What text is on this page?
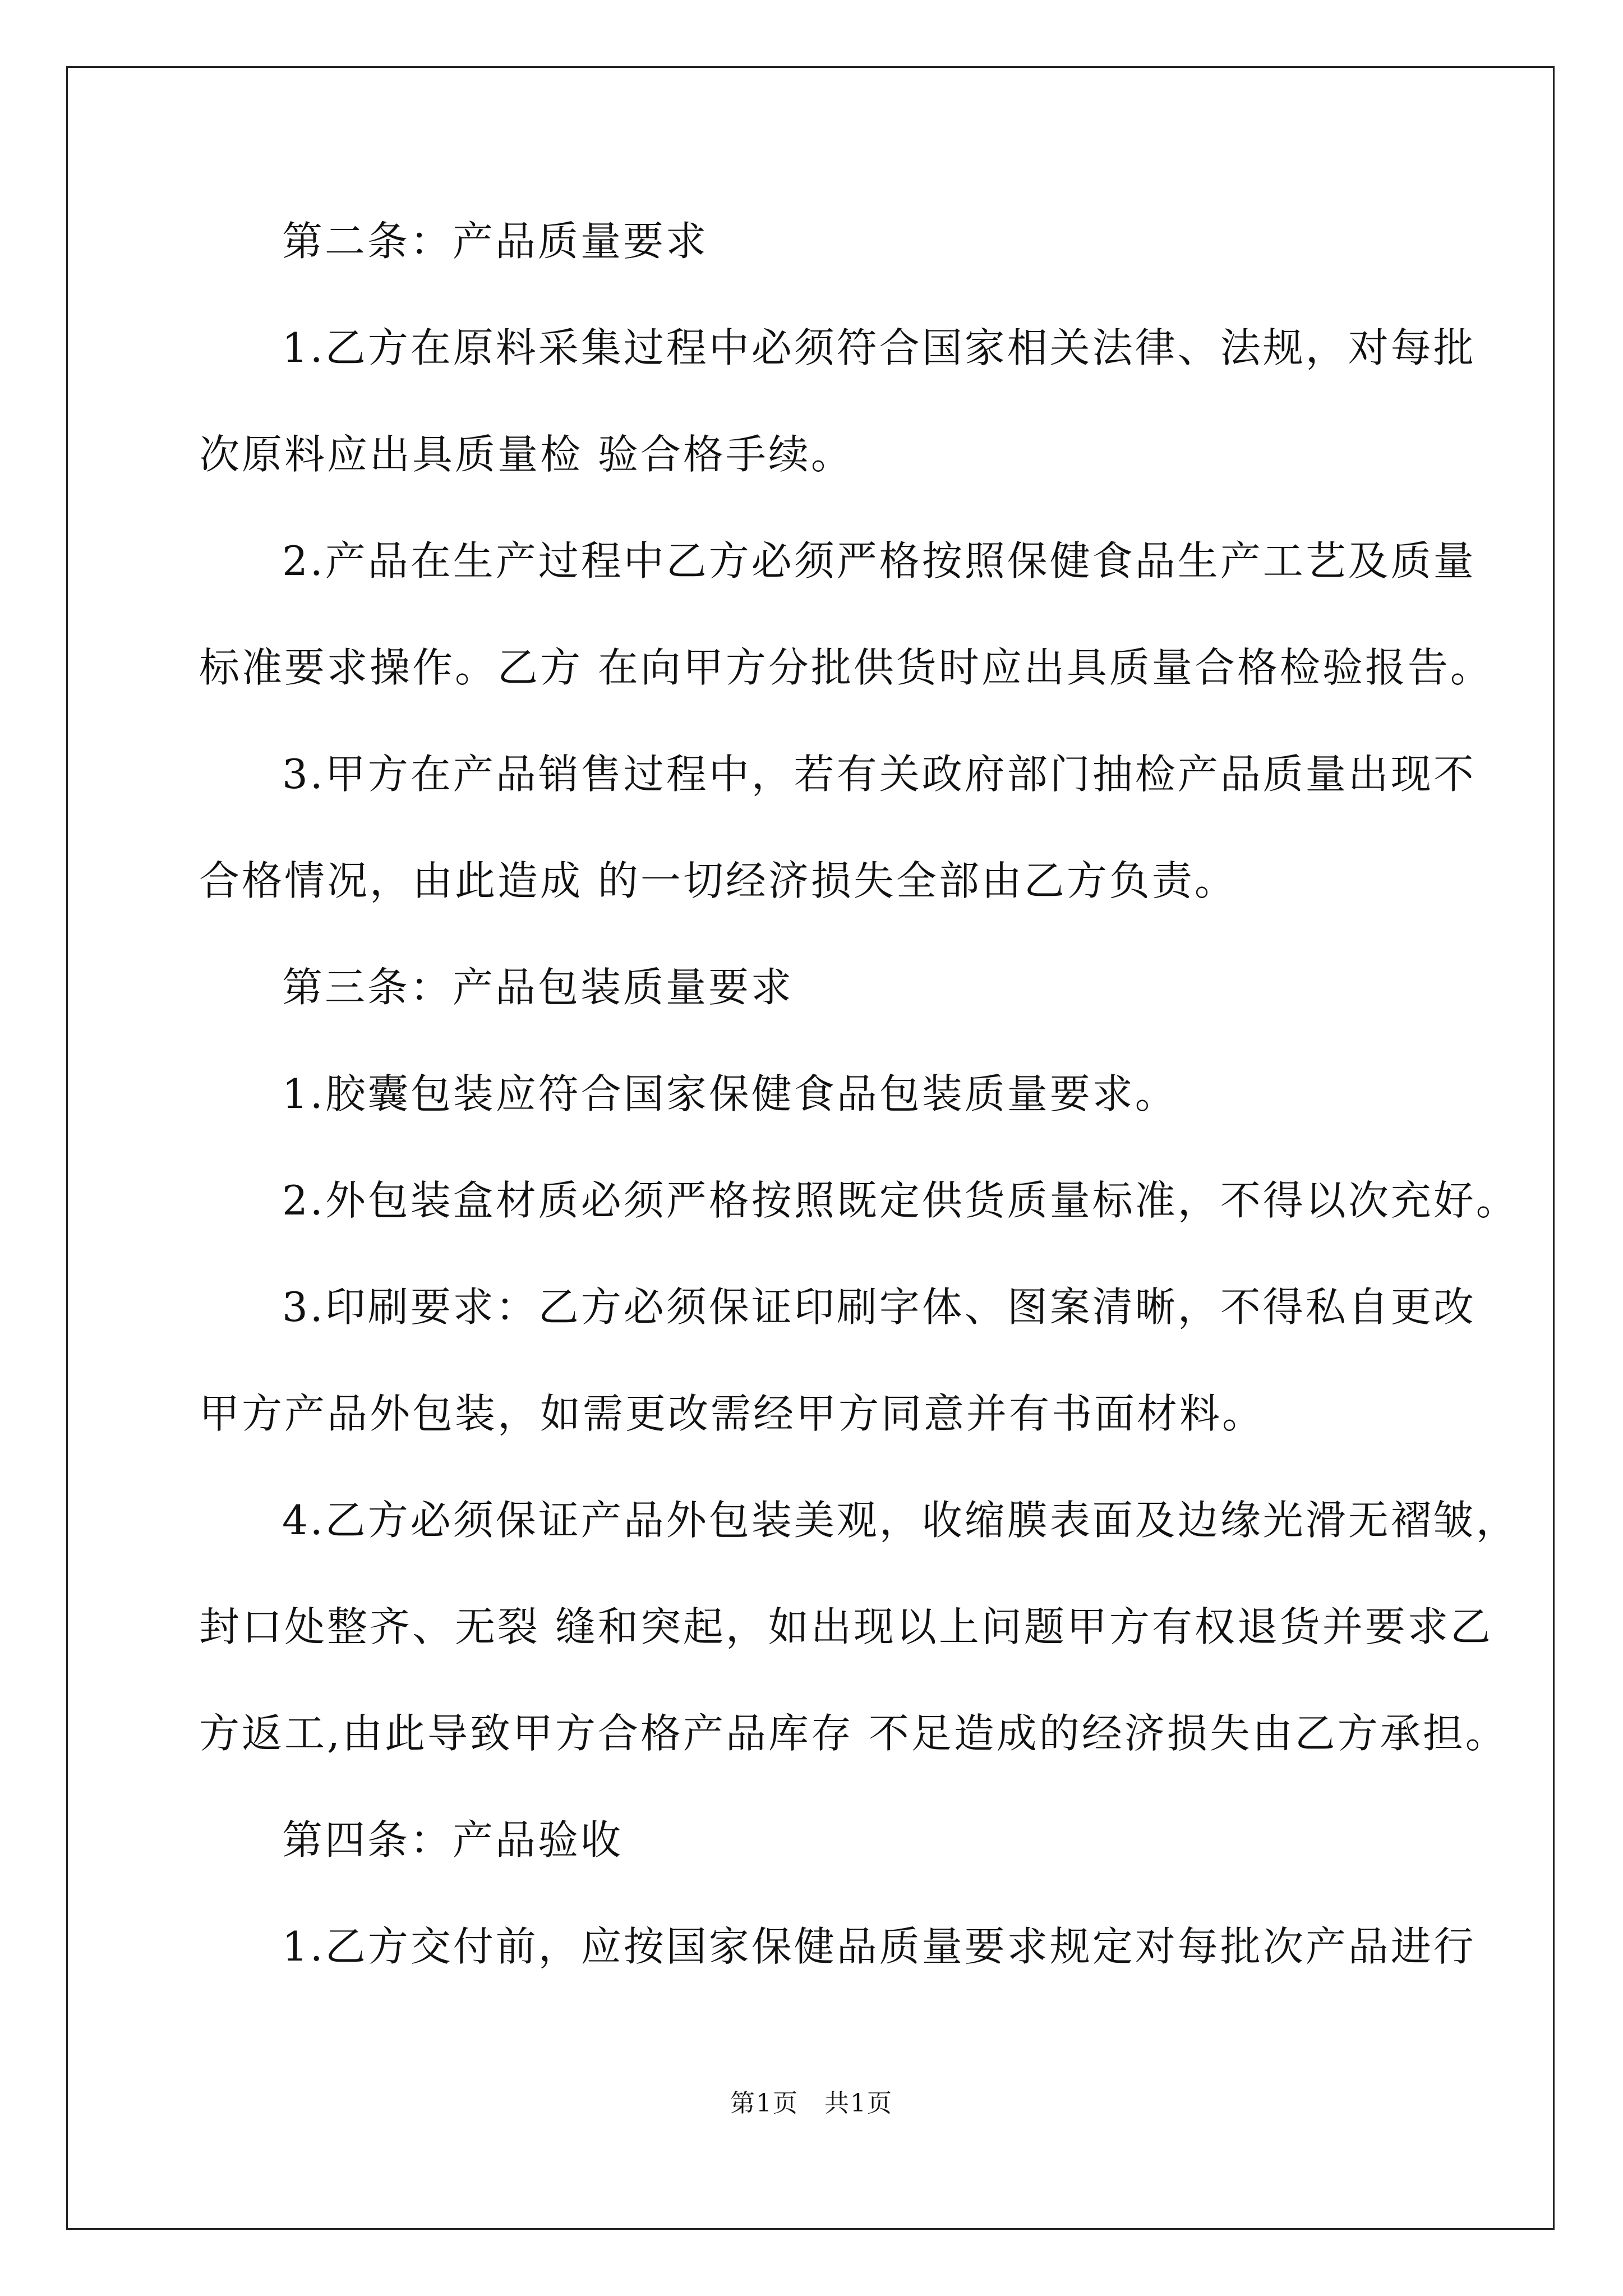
第二条：产品质量要求
1.乙方在原料采集过程中必须符合国家相关法律、法规，对每批
次原料应出具质量检 验合格手续。
2.产品在生产过程中乙方必须严格按照保健食品生产工艺及质量
标准要求操作。乙方 在向甲方分批供货时应出具质量合格检验报告。
3.甲方在产品销售过程中，若有关政府部门抽检产品质量出现不
合格情况，由此造成 的一切经济损失全部由乙方负责。
第三条：产品包装质量要求
1.胶囊包装应符合国家保健食品包装质量要求。
2.外包装盒材质必须严格按照既定供货质量标准，不得以次充好。
3.印刷要求：乙方必须保证印刷字体、图案清晰，不得私自更改
甲方产品外包装，如需更改需经甲方同意并有书面材料。
4.乙方必须保证产品外包装美观，收缩膜表面及边缘光滑无褶皱，
封口处整齐、无裂 缝和突起，如出现以上问题甲方有权退货并要求乙
方返工,由此导致甲方合格产品库存 不足造成的经济损失由乙方承担。
第四条：产品验收
1.乙方交付前，应按国家保健品质量要求规定对每批次产品进行
第1页　共1页
